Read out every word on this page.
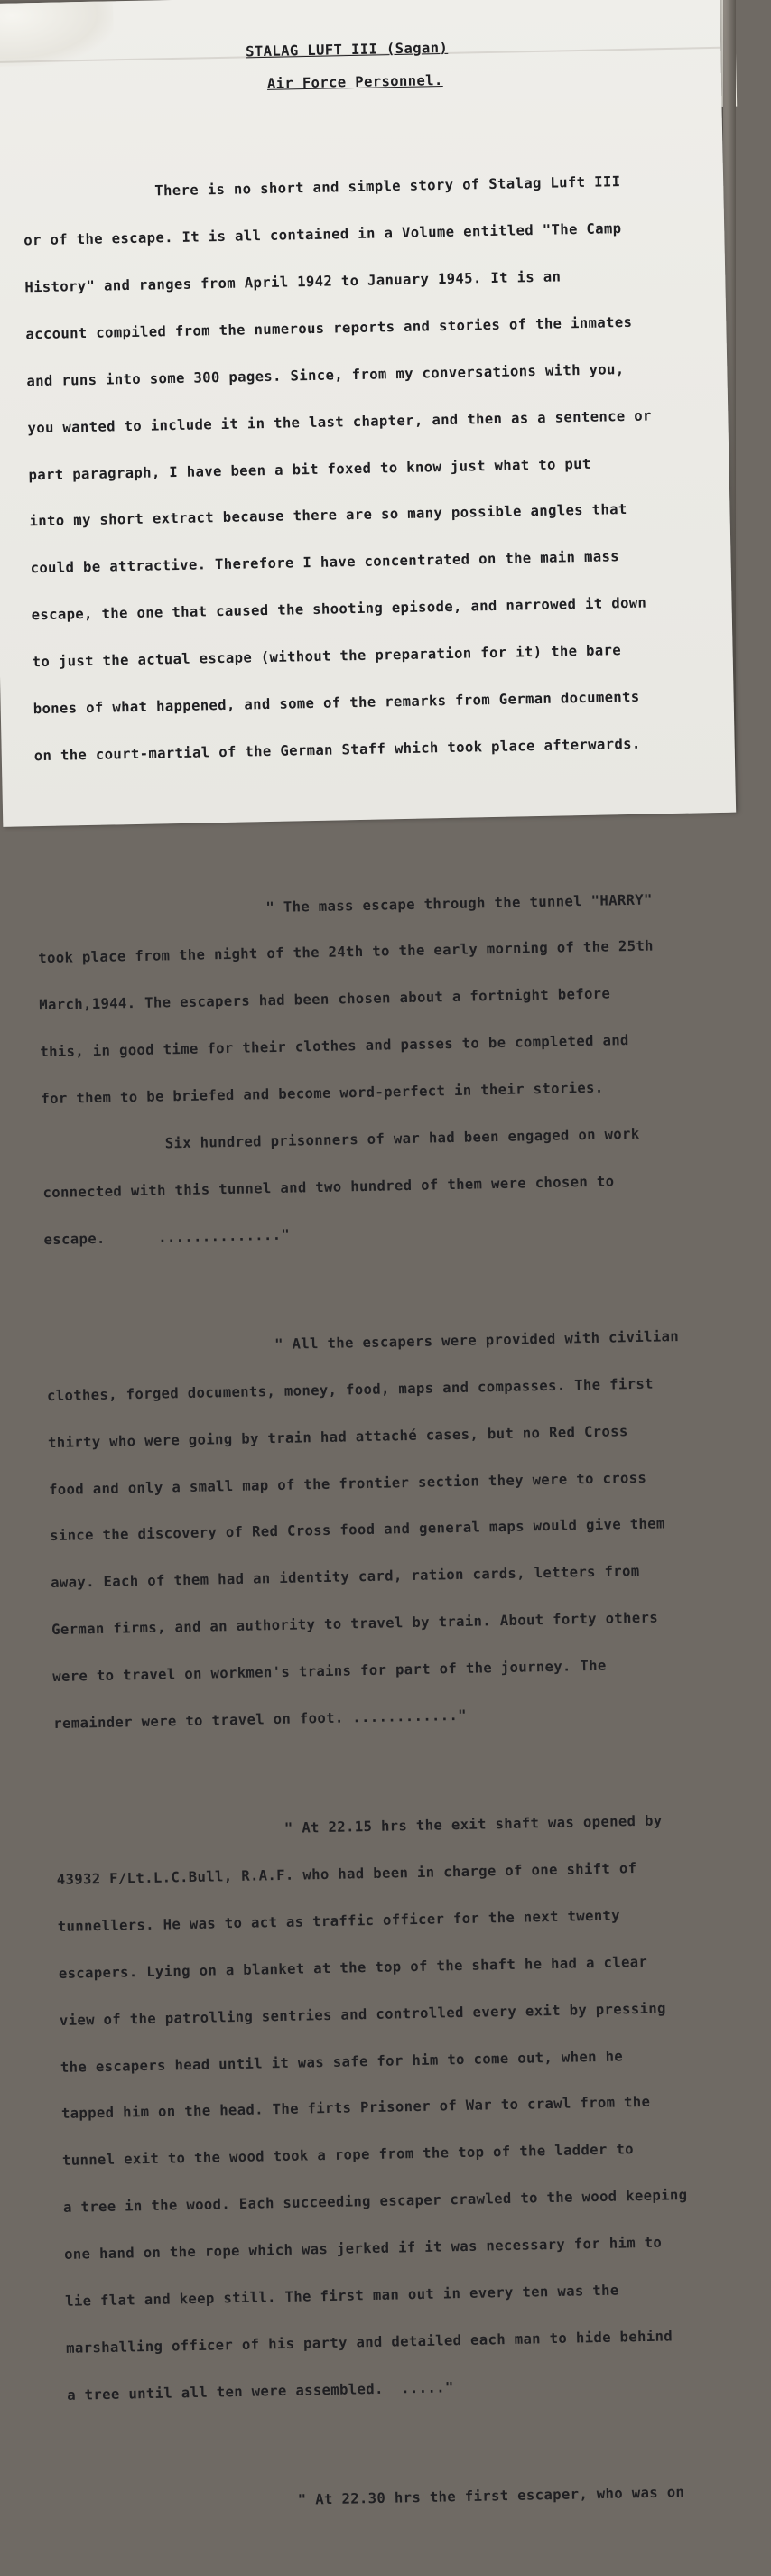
STALAG LUFT III (Sagan)
Air Force Personnel.

There is no short and simple story of Stalag Luft III

or of the escape. It is all contained in a Volume entitled "The Camp

History" and ranges from April 1942 to January 1945. It is an

account compiled from the numerous reports and stories of the inmates

and runs into some 300 pages. Since, from my conversations with you,

you wanted to include it in the last chapter, and then as a sentence or

part paragraph, I have been a bit foxed to know just what to put

into my short extract because there are so many possible angles that

could be attractive. Therefore I have concentrated on the main mass

escape, the one that caused the shooting episode, and narrowed it down

to just the actual escape (without the preparation for it) the bare

bones of what happened, and some of the remarks from German documents

on the court-martial of the German Staff which took place afterwards.

" The mass escape through the tunnel "HARRY"

took place from the night of the 24th to the early morning of the 25th

March,1944. The escapers had been chosen about a fortnight before

this, in good time for their clothes and passes to be completed and

for them to be briefed and become word-perfect in their stories.

Six hundred prisonners of war had been engaged on work

connected with this tunnel and two hundred of them were chosen to

escape.      .............."

" All the escapers were provided with civilian

clothes, forged documents, money, food, maps and compasses. The first

thirty who were going by train had attaché cases, but no Red Cross

food and only a small map of the frontier section they were to cross

since the discovery of Red Cross food and general maps would give them

away. Each of them had an identity card, ration cards, letters from

German firms, and an authority to travel by train. About forty others

were to travel on workmen's trains for part of the journey. The

remainder were to travel on foot. ............"

" At 22.15 hrs the exit shaft was opened by

43932 F/Lt.L.C.Bull, R.A.F. who had been in charge of one shift of

tunnellers. He was to act as traffic officer for the next twenty

escapers. Lying on a blanket at the top of the shaft he had a clear

view of the patrolling sentries and controlled every exit by pressing

the escapers head until it was safe for him to come out, when he

tapped him on the head. The firts Prisoner of War to crawl from the

tunnel exit to the wood took a rope from the top of the ladder to

a tree in the wood. Each succeeding escaper crawled to the wood keeping

one hand on the rope which was jerked if it was necessary for him to

lie flat and keep still. The first man out in every ten was the

marshalling officer of his party and detailed each man to hide behind

a tree until all ten were assembled.  ....."

" At 22.30 hrs the first escaper, who was on
